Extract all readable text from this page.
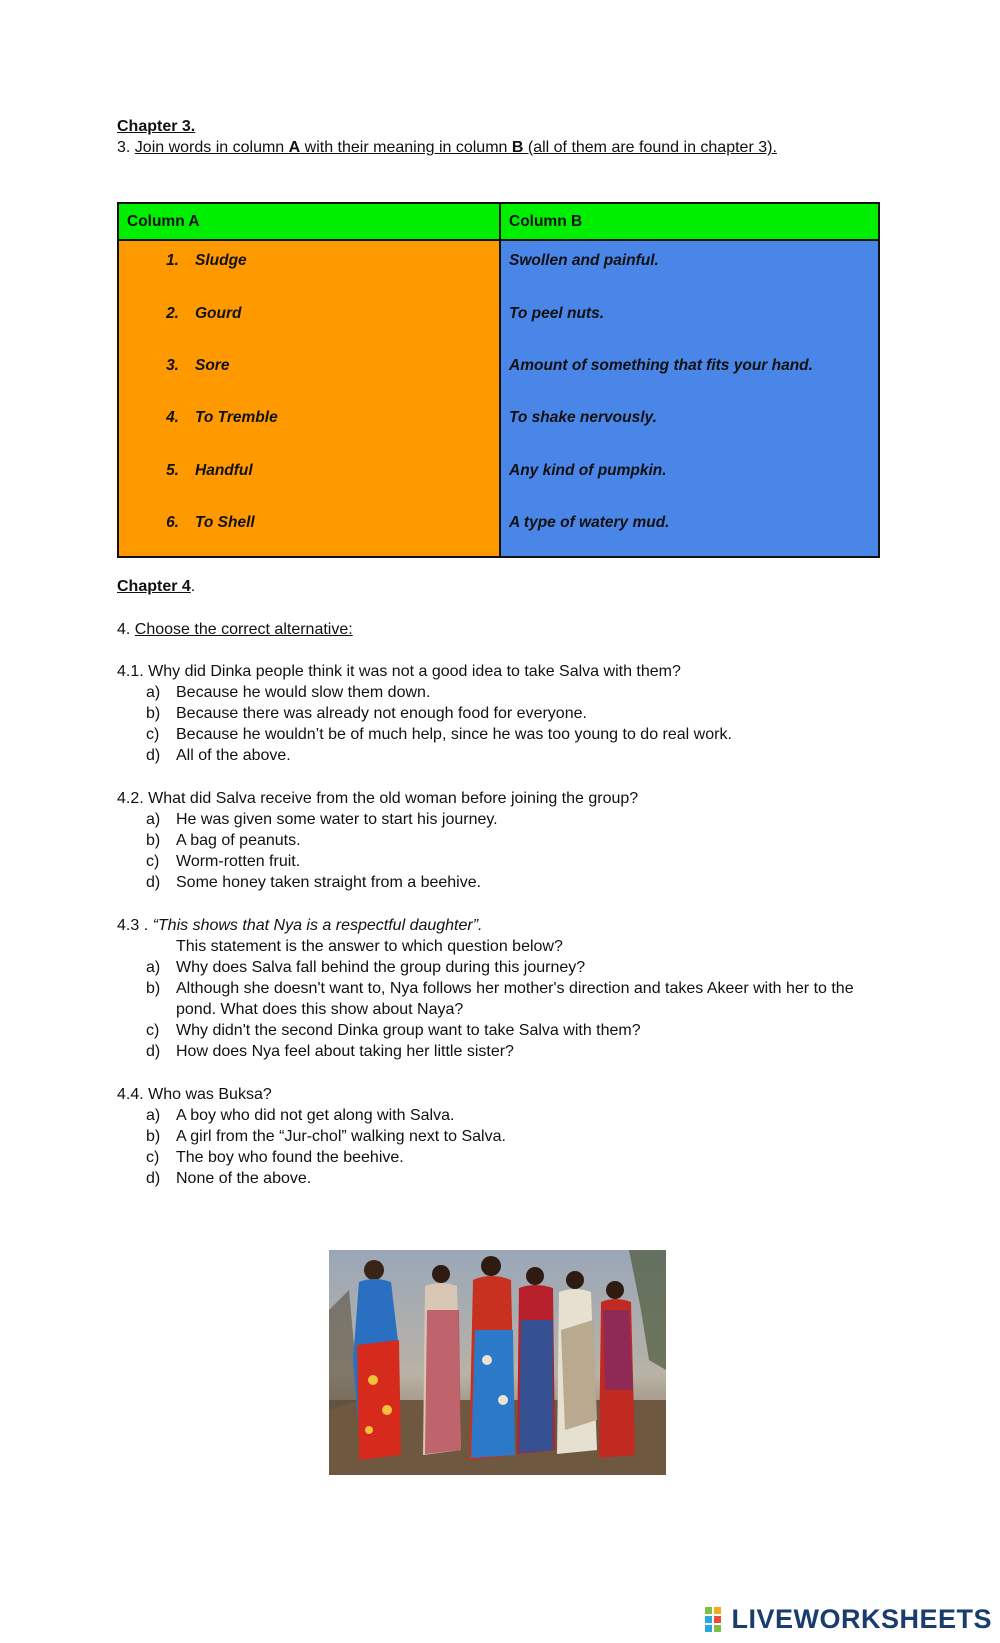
Chapter 3.
3. Join words in column A with their meaning in column B (all of them are found in chapter 3).
Column A	Column B
1. Sludge	Swollen and painful.
2. Gourd	To peel nuts.
3. Sore	Amount of something that fits your hand.
4. To Tremble	To shake nervously.
5. Handful	Any kind of pumpkin.
6. To Shell	A type of watery mud.
Chapter 4.
4. Choose the correct alternative:
4.1. Why did Dinka people think it was not a good idea to take Salva with them?
a) Because he would slow them down.
b) Because there was already not enough food for everyone.
c) Because he wouldn’t be of much help, since he was too young to do real work.
d) All of the above.
4.2. What did Salva receive from the old woman before joining the group?
a) He was given some water to start his journey.
b) A bag of peanuts.
c) Worm-rotten fruit.
d) Some honey taken straight from a beehive.
4.3 . “This shows that Nya is a respectful daughter”.
This statement is the answer to which question below?
a) Why does Salva fall behind the group during this journey?
b) Although she doesn't want to, Nya follows her mother's direction and takes Akeer with her to the pond. What does this show about Naya?
c) Why didn't the second Dinka group want to take Salva with them?
d) How does Nya feel about taking her little sister?
4.4. Who was Buksa?
a) A boy who did not get along with Salva.
b) A girl from the “Jur-chol” walking next to Salva.
c) The boy who found the beehive.
d) None of the above.
LIVEWORKSHEETS
